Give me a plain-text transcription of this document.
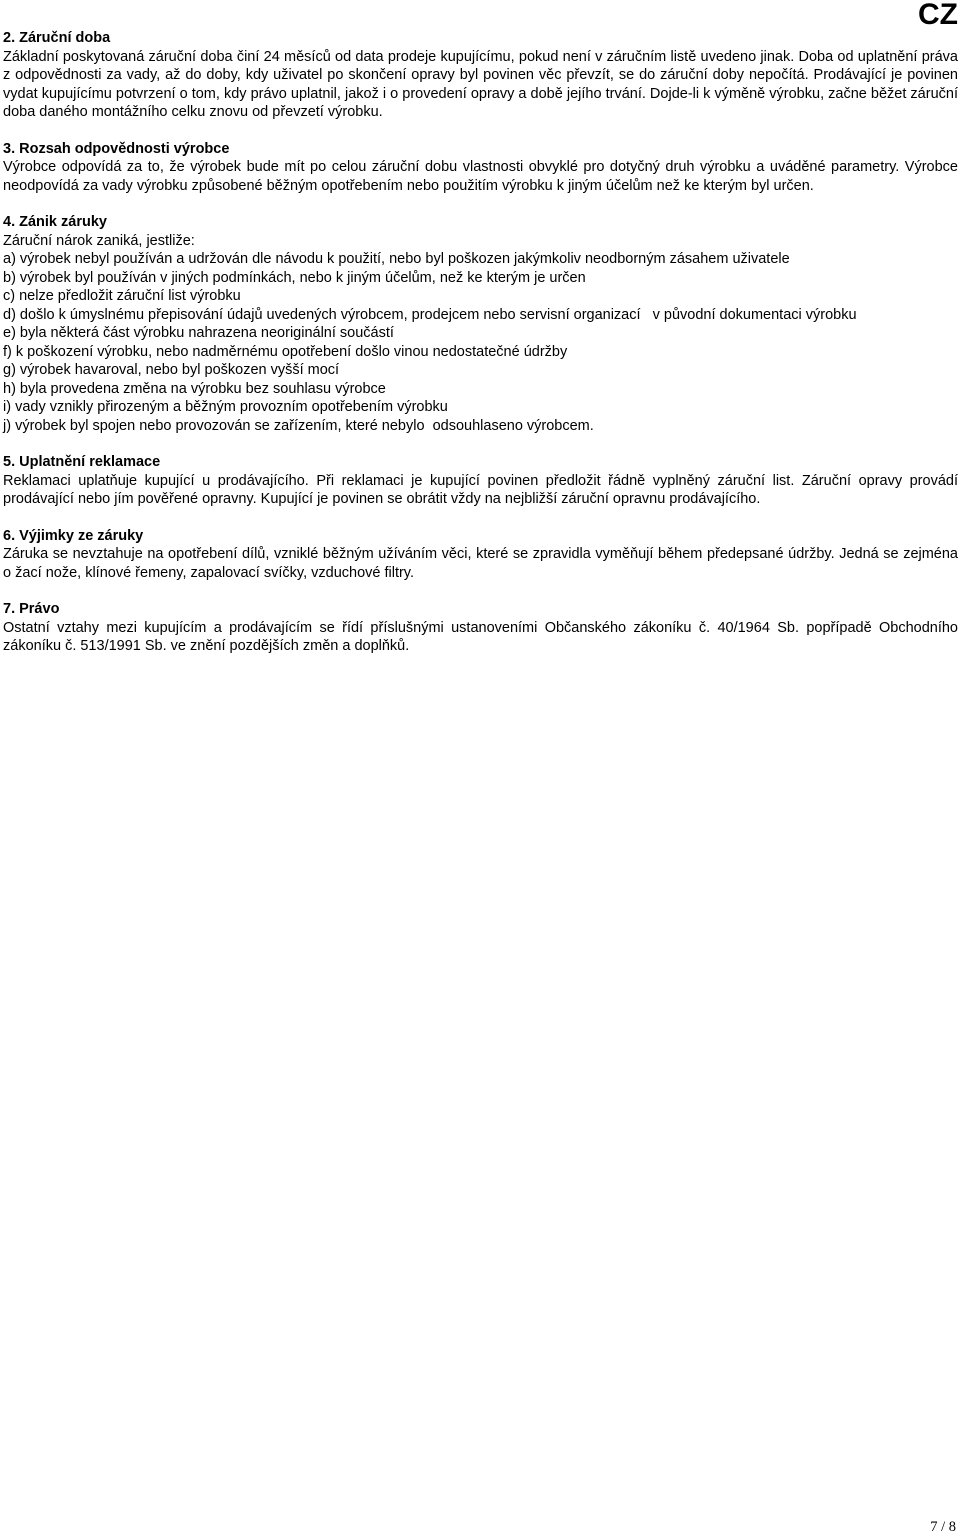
CZ
2. Záruční doba

Základní poskytovaná záruční doba činí 24 měsíců od data prodeje kupujícímu, pokud není v záručním listě uvedeno jinak. Doba od uplatnění práva z odpovědnosti za vady, až do doby, kdy uživatel po skončení opravy byl povinen věc převzít, se do záruční doby nepočítá. Prodávající je povinen vydat kupujícímu potvrzení o tom, kdy právo uplatnil, jakož i o provedení opravy a době jejího trvání. Dojde-li k výměně výrobku, začne běžet záruční doba daného montážního celku znovu od převzetí výrobku.

3. Rozsah odpovědnosti výrobce

Výrobce odpovídá za to, že výrobek bude mít po celou záruční dobu vlastnosti obvyklé pro dotyčný druh výrobku a uváděné parametry. Výrobce neodpovídá za vady výrobku způsobené běžným opotřebením nebo použitím výrobku k jiným účelům než ke kterým byl určen.

4. Zánik záruky

Záruční nárok zaniká, jestliže:

a) výrobek nebyl používán a udržován dle návodu k použití, nebo byl poškozen jakýmkoliv neodborným zásahem uživatele
b) výrobek byl používán v jiných podmínkách, nebo k jiným účelům, než ke kterým je určen
c) nelze předložit záruční list výrobku
d) došlo k úmyslnému přepisování údajů uvedených výrobcem, prodejcem nebo servisní organizací   v původní dokumentaci výrobku
e) byla některá část výrobku nahrazena neoriginální součástí
f) k poškození výrobku, nebo nadměrnému opotřebení došlo vinou nedostatečné údržby
g) výrobek havaroval, nebo byl poškozen vyšší mocí
h) byla provedena změna na výrobku bez souhlasu výrobce
i) vady vznikly přirozeným a běžným provozním opotřebením výrobku
j) výrobek byl spojen nebo provozován se zařízením, které nebylo  odsouhlaseno výrobcem.
5. Uplatnění reklamace

Reklamaci uplatňuje kupující u prodávajícího. Při reklamaci je kupující povinen předložit řádně vyplněný záruční list. Záruční opravy provádí prodávající nebo jím pověřené opravny. Kupující je povinen se obrátit vždy na nejbližší záruční opravnu prodávajícího.

6. Výjimky ze záruky

Záruka se nevztahuje na opotřebení dílů, vzniklé běžným užíváním věci, které se zpravidla vyměňují během předepsané údržby. Jedná se zejména o žací nože, klínové řemeny, zapalovací svíčky, vzduchové filtry.

7. Právo

Ostatní vztahy mezi kupujícím a prodávajícím se řídí příslušnými ustanoveními Občanského zákoníku č. 40/1964 Sb. popřípadě Obchodního zákoníku č. 513/1991 Sb. ve znění pozdějších změn a doplňků.

7 / 8
